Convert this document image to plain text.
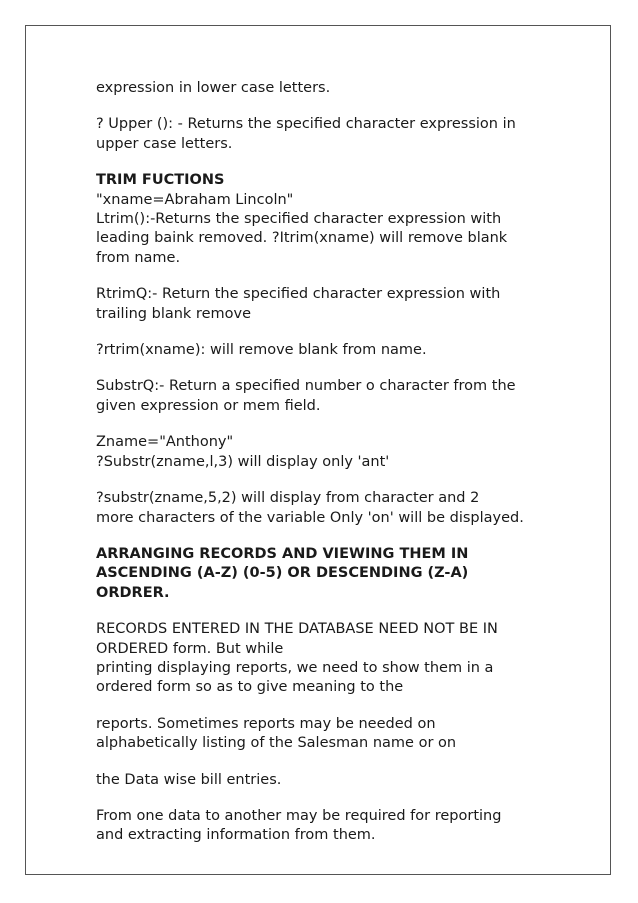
expression in lower case letters.
? Upper (): - Returns the specified character expression in
upper case letters.
TRIM FUCTIONS
"xname=Abraham Lincoln"
Ltrim():-Returns the specified character expression with
leading baink removed. ?Itrim(xname) will remove blank
from name.
RtrimQ:- Return the specified character expression with
trailing blank remove
?rtrim(xname): will remove blank from name.
SubstrQ:- Return a specified number o character from the
given expression or mem field.
Zname="Anthony"
?Substr(zname,l,3) will display only 'ant'
?substr(zname,5,2) will display from character and 2
more characters of the variable Only 'on' will be displayed.
ARRANGING RECORDS AND VIEWING THEM IN
ASCENDING (A-Z) (0-5) OR DESCENDING (Z-A)
ORDRER.
RECORDS ENTERED IN THE DATABASE NEED NOT BE IN
ORDERED form. But while
printing displaying reports, we need to show them in a
ordered form so as to give meaning to the
reports. Sometimes reports may be needed on
alphabetically listing of the Salesman name or on
the Data wise bill entries.
From one data to another may be required for reporting
and extracting information from them.
